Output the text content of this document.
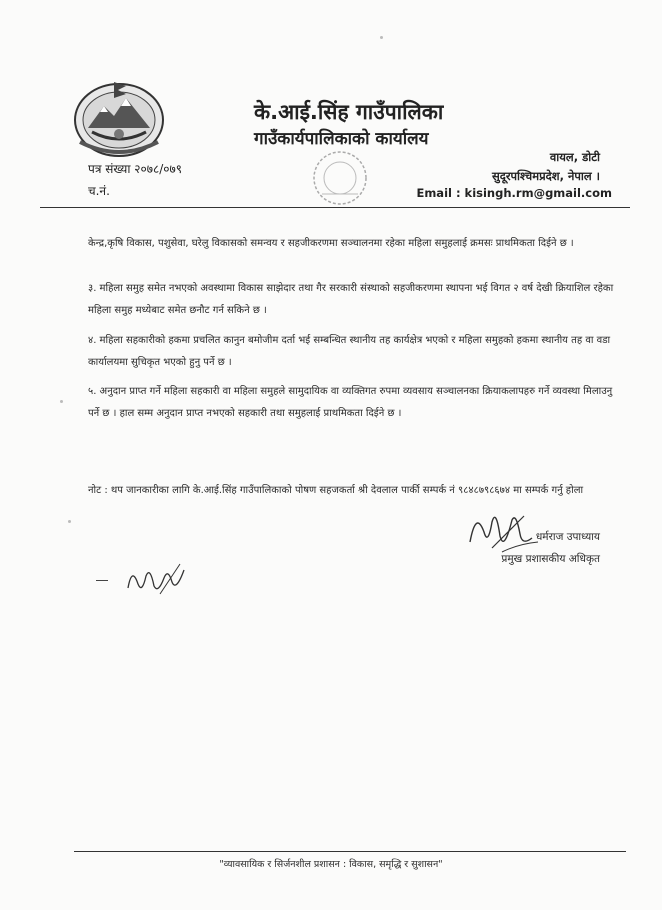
के.आई.सिंह गाउँपालिका
गाउँकार्यपालिकाको कार्यालय
पत्र संख्या २०७८/०७९
च.नं.
वायल, डोटी
सुदूरपश्चिमप्रदेश, नेपाल ।
Email : kisingh.rm@gmail.com
केन्द्र,कृषि विकास, पशुसेवा, घरेलु विकासको समन्वय र सहजीकरणमा सञ्चालनमा रहेका महिला समुहलाई क्रमसः प्राथमिकता दिईने छ ।
३. महिला समुह समेत नभएको अवस्थामा विकास साझेदार तथा गैर सरकारी संस्थाको सहजीकरणमा स्थापना भई विगत २ वर्ष देखी क्रियाशिल रहेका महिला समुह मध्येबाट समेत छनौट गर्न सकिने छ ।
४. महिला सहकारीको हकमा प्रचलित कानुन बमोजीम दर्ता भई सम्बन्धित स्थानीय तह कार्यक्षेत्र भएको र महिला समुहको हकमा स्थानीय तह वा वडा कार्यालयमा सुचिकृत भएको हुनु पर्ने छ ।
५. अनुदान प्राप्त गर्ने महिला सहकारी वा महिला समुहले सामुदायिक वा व्यक्तिगत रुपमा व्यवसाय सञ्चालनका क्रियाकलापहरु गर्ने व्यवस्था मिलाउनु पर्ने छ । हाल सम्म अनुदान प्राप्त नभएको सहकारी तथा समुहलाई प्राथमिकता दिईने छ ।
नोट : थप जानकारीका लागि के.आई.सिंह गाउँपालिकाको पोषण सहजकर्ता श्री देवलाल पार्की सम्पर्क नं ९८४८७९८६७४ मा सम्पर्क गर्नु होला
धर्मराज उपाध्याय
प्रमुख प्रशासकीय अधिकृत
"व्यावसायिक र सिर्जनशील प्रशासन : विकास, समृद्धि र सुशासन"
